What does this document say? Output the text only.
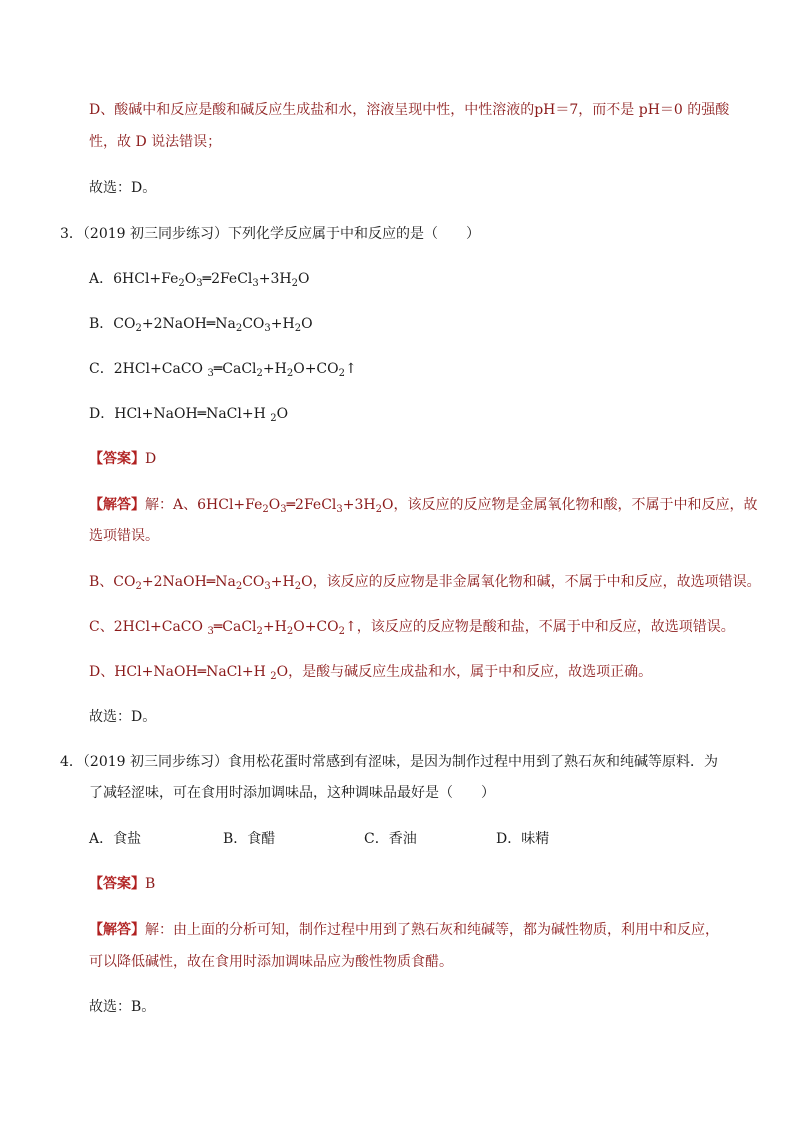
D、酸碱中和反应是酸和碱反应生成盐和水，溶液呈现中性，中性溶液的pH＝7，而不是 pH＝0 的强酸
性，故 D 说法错误；
故选：D。
3．（2019 初三同步练习）下列化学反应属于中和反应的是（　　）
A．$6HCl+Fe_2O_3═2FeCl_3+3H_2O$
B．$CO_2+2NaOH═Na_2CO_3+H_2O$
C．2HCl+CaCO $_3═CaCl_2+H_2O+CO_2↑$
D．HCl+NaOH═NaCl+H $_2$O
【答案】D
【解答】解：A、$6HCl+Fe_2O_3═2FeCl_3+3H_2O$，该反应的反应物是金属氧化物和酸，不属于中和反应，故
选项错误。
B、$CO_2+2NaOH═Na_2CO_3+H_2O$，该反应的反应物是非金属氧化物和碱，不属于中和反应，故选项错误。
C、2HCl+CaCO $_3═CaCl_2+H_2O+CO_2↑$，该反应的反应物是酸和盐，不属于中和反应，故选项错误。
D、HCl+NaOH═NaCl+H $_2$O，是酸与碱反应生成盐和水，属于中和反应，故选项正确。
故选：D。
4．（2019 初三同步练习）食用松花蛋时常感到有涩味，是因为制作过程中用到了熟石灰和纯碱等原料．为
了减轻涩味，可在食用时添加调味品，这种调味品最好是（　　）
A．食盐	B．食醋	C．香油	D．味精
【答案】B
【解答】解：由上面的分析可知，制作过程中用到了熟石灰和纯碱等，都为碱性物质，利用中和反应，
可以降低碱性，故在食用时添加调味品应为酸性物质食醋。
故选：B。
